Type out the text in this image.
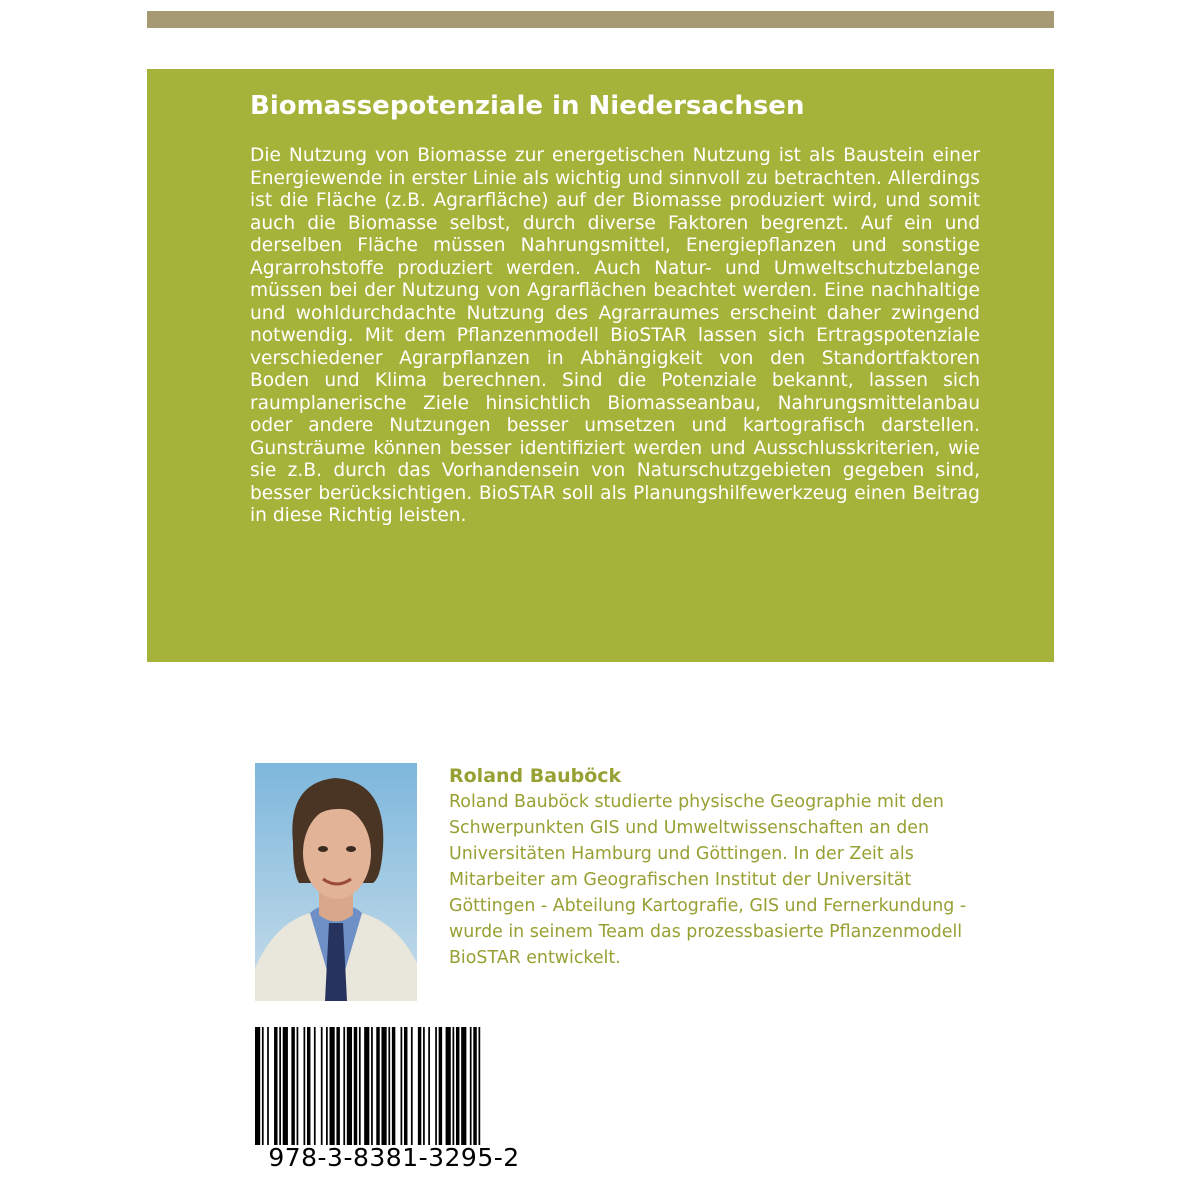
Biomassepotenziale in Niedersachsen

Die Nutzung von Biomasse zur energetischen Nutzung ist als Baustein einer Energiewende in erster Linie als wichtig und sinnvoll zu betrachten. Allerdings ist die Fläche (z.B. Agrarfläche) auf der Biomasse produziert wird, und somit auch die Biomasse selbst, durch diverse Faktoren begrenzt. Auf ein und derselben Fläche müssen Nahrungsmittel, Energiepflanzen und sonstige Agrarrohstoffe produziert werden. Auch Natur- und Umweltschutzbelange müssen bei der Nutzung von Agrarflächen beachtet werden. Eine nachhaltige und wohldurchdachte Nutzung des Agrarraumes erscheint daher zwingend notwendig. Mit dem Pflanzenmodell BioSTAR lassen sich Ertragspotenziale verschiedener Agrarpflanzen in Abhängigkeit von den Standortfaktoren Boden und Klima berechnen. Sind die Potenziale bekannt, lassen sich raumplanerische Ziele hinsichtlich Biomasseanbau, Nahrungsmittelanbau oder andere Nutzungen besser umsetzen und kartografisch darstellen. Gunsträume können besser identifiziert werden und Ausschlusskriterien, wie sie z.B. durch das Vorhandensein von Naturschutzgebieten gegeben sind, besser berücksichtigen. BioSTAR soll als Planungshilfewerkzeug einen Beitrag in diese Richtig leisten.

Roland Bauböck

Roland Bauböck studierte physische Geographie mit den Schwerpunkten GIS und Umweltwissenschaften an den Universitäten Hamburg und Göttingen. In der Zeit als Mitarbeiter am Geografischen Institut der Universität Göttingen - Abteilung Kartografie, GIS und Fernerkundung - wurde in seinem Team das prozessbasierte Pflanzenmodell BioSTAR entwickelt.

978-3-8381-3295-2
